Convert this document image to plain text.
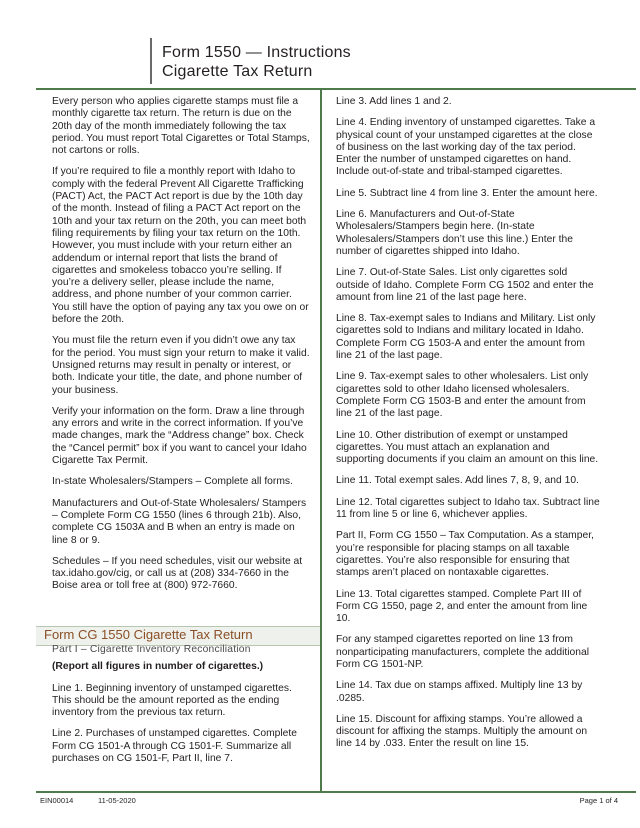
Form 1550 — Instructions
Cigarette Tax Return

Every person who applies cigarette stamps must file a monthly cigarette tax return. The return is due on the 20th day of the month immediately following the tax period. You must report Total Cigarettes or Total Stamps, not cartons or rolls.

If you’re required to file a monthly report with Idaho to comply with the federal Prevent All Cigarette Trafficking (PACT) Act, the PACT Act report is due by the 10th day of the month. Instead of filing a PACT Act report on the 10th and your tax return on the 20th, you can meet both filing requirements by filing your tax return on the 10th. However, you must include with your return either an addendum or internal report that lists the brand of cigarettes and smokeless tobacco you’re selling. If you’re a delivery seller, please include the name, address, and phone number of your common carrier. You still have the option of paying any tax you owe on or before the 20th.

You must file the return even if you didn’t owe any tax for the period. You must sign your return to make it valid. Unsigned returns may result in penalty or interest, or both. Indicate your title, the date, and phone number of your business.

Verify your information on the form. Draw a line through any errors and write in the correct information. If you’ve made changes, mark the “Address change” box. Check the “Cancel permit” box if you want to cancel your Idaho Cigarette Tax Permit.

In-state Wholesalers/Stampers – Complete all forms.

Manufacturers and Out-of-State Wholesalers/ Stampers – Complete Form CG 1550 (lines 6 through 21b). Also, complete CG 1503A and B when an entry is made on line 8 or 9.

Schedules – If you need schedules, visit our website at tax.idaho.gov/cig, or call us at (208) 334-7660 in the Boise area or toll free at (800) 972-7660.

Form CG 1550 Cigarette Tax Return

Part I – Cigarette Inventory Reconciliation

(Report all figures in number of cigarettes.)

Line 1. Beginning inventory of unstamped cigarettes. This should be the amount reported as the ending inventory from the previous tax return.

Line 2. Purchases of unstamped cigarettes. Complete Form CG 1501-A through CG 1501-F. Summarize all purchases on CG 1501-F, Part II, line 7.

Line 3. Add lines 1 and 2.

Line 4. Ending inventory of unstamped cigarettes. Take a physical count of your unstamped cigarettes at the close of business on the last working day of the tax period. Enter the number of unstamped cigarettes on hand. Include out-of-state and tribal-stamped cigarettes.

Line 5. Subtract line 4 from line 3. Enter the amount here.

Line 6. Manufacturers and Out-of-State Wholesalers/Stampers begin here. (In-state Wholesalers/Stampers don’t use this line.) Enter the number of cigarettes shipped into Idaho.

Line 7. Out-of-State Sales. List only cigarettes sold outside of Idaho. Complete Form CG 1502 and enter the amount from line 21 of the last page here.

Line 8. Tax-exempt sales to Indians and Military. List only cigarettes sold to Indians and military located in Idaho. Complete Form CG 1503-A and enter the amount from line 21 of the last page.

Line 9. Tax-exempt sales to other wholesalers. List only cigarettes sold to other Idaho licensed wholesalers. Complete Form CG 1503-B and enter the amount from line 21 of the last page.

Line 10. Other distribution of exempt or unstamped cigarettes. You must attach an explanation and supporting documents if you claim an amount on this line.

Line 11. Total exempt sales. Add lines 7, 8, 9, and 10.

Line 12. Total cigarettes subject to Idaho tax. Subtract line 11 from line 5 or line 6, whichever applies.

Part II, Form CG 1550 – Tax Computation. As a stamper, you’re responsible for placing stamps on all taxable cigarettes. You’re also responsible for ensuring that stamps aren’t placed on nontaxable cigarettes.

Line 13. Total cigarettes stamped. Complete Part III of Form CG 1550, page 2, and enter the amount from line 10.

For any stamped cigarettes reported on line 13 from nonparticipating manufacturers, complete the additional Form CG 1501-NP.

Line 14. Tax due on stamps affixed. Multiply line 13 by .0285.

Line 15. Discount for affixing stamps. You’re allowed a discount for affixing the stamps. Multiply the amount on line 14 by .033. Enter the result on line 15.

EIN00014	11-05-2020	Page 1 of 4
